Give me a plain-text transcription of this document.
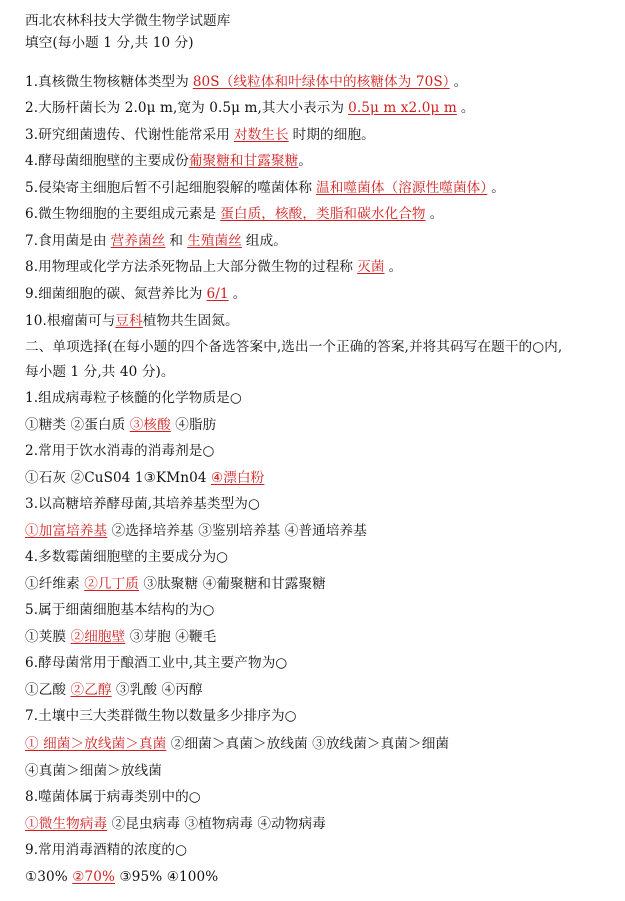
西北农林科技大学微生物学试题库
填空(每小题 1 分,共 10 分)
1.真核微生物核糖体类型为 80S（线粒体和叶绿体中的核糖体为 70S） 。
2.大肠杆菌长为 2.0μ m,宽为 0.5μ m,其大小表示为 0.5μ m x2.0μ m 。
3.研究细菌遗传、代谢性能常采用 对数生长 时期的细胞。
4.酵母菌细胞壁的主要成份葡聚糖和甘露聚糖。
5.侵染寄主细胞后暂不引起细胞裂解的噬菌体称 温和噬菌体（溶源性噬菌体） 。
6.微生物细胞的主要组成元素是 蛋白质，核酸，类脂和碳水化合物 。
7.食用菌是由 营养菌丝 和 生殖菌丝 组成。
8.用物理或化学方法杀死物品上大部分微生物的过程称 灭菌 。
9.细菌细胞的碳、氮营养比为 6/1 。
10.根瘤菌可与豆科植物共生固氮。
二、单项选择(在每小题的四个备选答案中,选出一个正确的答案,并将其码写在题干的○内,
每小题 1 分,共 40 分)。
1.组成病毒粒子核髓的化学物质是○
①糖类 ②蛋白质 ③核酸 ④脂肪
2.常用于饮水消毒的消毒剂是○
①石灰 ②CuS04 1③KMn04 ④漂白粉
3.以高糖培养酵母菌,其培养基类型为○
①加富培养基 ②选择培养基 ③鉴别培养基 ④普通培养基
4.多数霉菌细胞壁的主要成分为○
①纤维素 ②几丁质 ③肽聚糖 ④葡聚糖和甘露聚糖
5.属于细菌细胞基本结构的为○
①荚膜 ②细胞壁 ③芽胞 ④鞭毛
6.酵母菌常用于酿酒工业中,其主要产物为○
①乙酸 ②乙醇 ③乳酸 ④丙醇
7.土壤中三大类群微生物以数量多少排序为○
① 细菌＞放线菌＞真菌 ②细菌＞真菌＞放线菌 ③放线菌＞真菌＞细菌
④真菌＞细菌＞放线菌
8.噬菌体属于病毒类别中的○
①微生物病毒 ②昆虫病毒 ③植物病毒 ④动物病毒
9.常用消毒酒精的浓度的○
①30% ②70% ③95% ④100%
